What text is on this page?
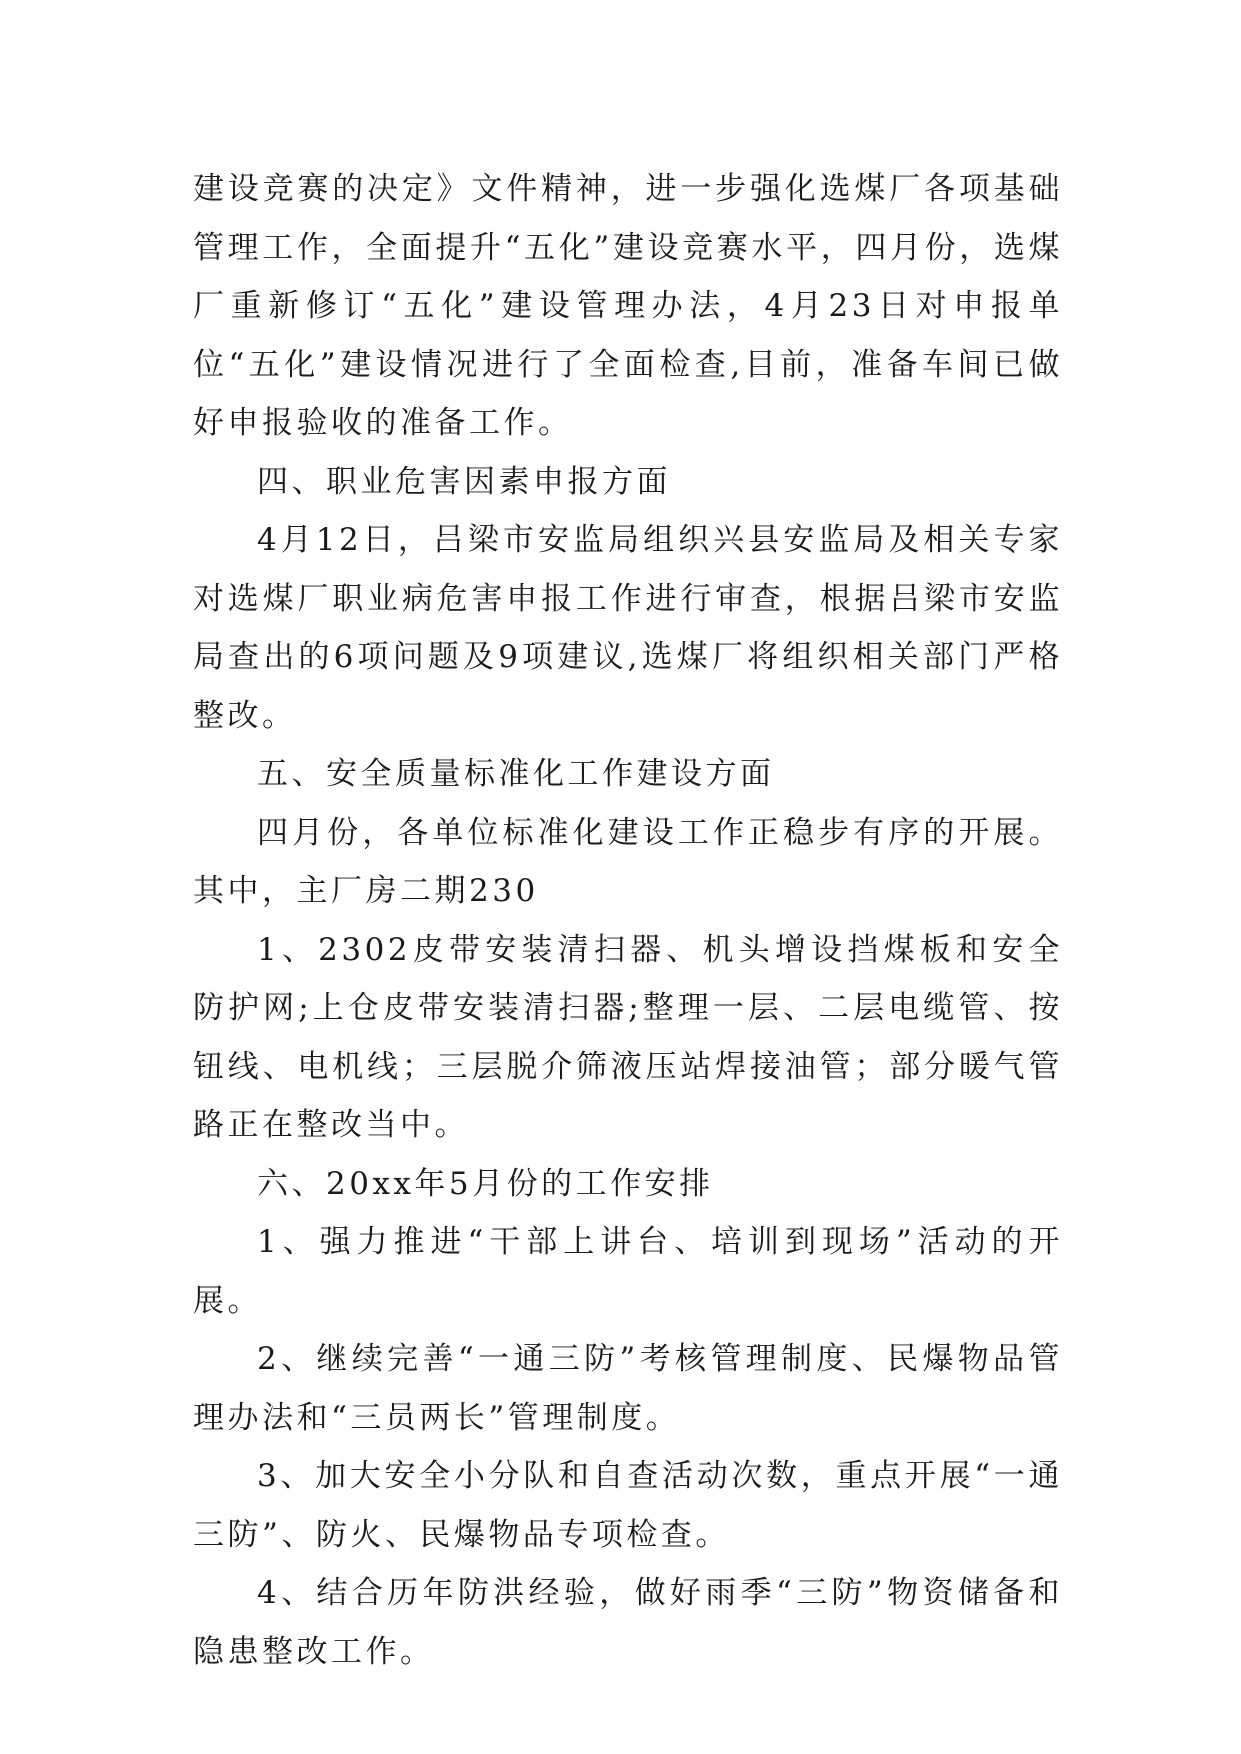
建设竞赛的决定》文件精神，进一步强化选煤厂各项基础管理工作，全面提升“五化”建设竞赛水平，四月份，选煤厂重新修订“五化”建设管理办法，4月23日对申报单位“五化”建设情况进行了全面检查,目前，准备车间已做好申报验收的准备工作。

四、职业危害因素申报方面

4月12日，吕梁市安监局组织兴县安监局及相关专家对选煤厂职业病危害申报工作进行审查，根据吕梁市安监局查出的6项问题及9项建议,选煤厂将组织相关部门严格整改。

五、安全质量标准化工作建设方面

四月份，各单位标准化建设工作正稳步有序的开展。其中，主厂房二期230

1、2302皮带安装清扫器、机头增设挡煤板和安全防护网;上仓皮带安装清扫器;整理一层、二层电缆管、按钮线、电机线；三层脱介筛液压站焊接油管；部分暖气管路正在整改当中。

六、20xx年5月份的工作安排

1、强力推进“干部上讲台、培训到现场”活动的开展。

2、继续完善“一通三防”考核管理制度、民爆物品管理办法和“三员两长”管理制度。

3、加大安全小分队和自查活动次数，重点开展“一通三防”、防火、民爆物品专项检查。

4、结合历年防洪经验，做好雨季“三防”物资储备和隐患整改工作。
